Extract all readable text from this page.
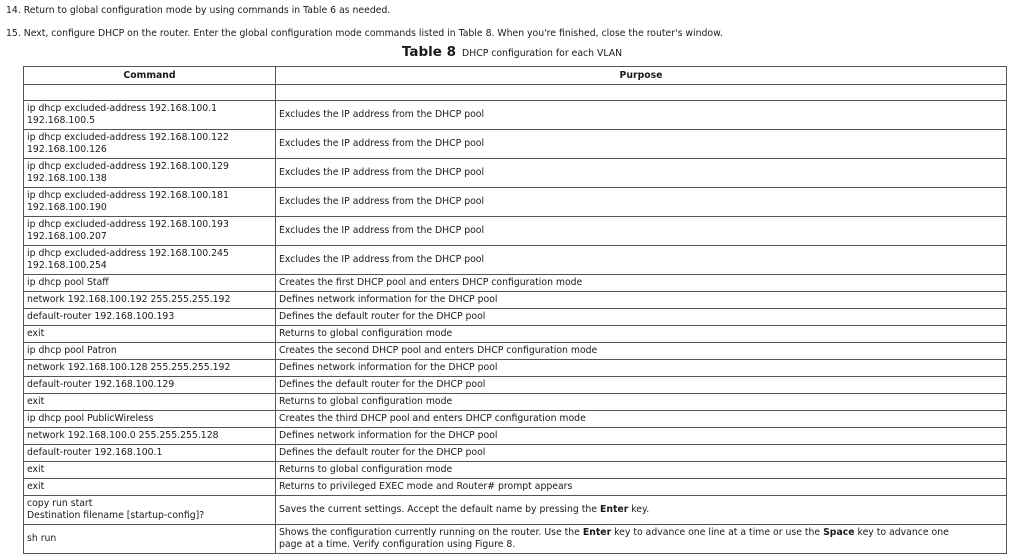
14. Return to global configuration mode by using commands in Table 6 as needed.
15. Next, configure DHCP on the router. Enter the global configuration mode commands listed in Table 8. When you're finished, close the router's window.
Table 8 DHCP configuration for each VLAN
Command	Purpose	

ip dhcp excluded-address 192.168.100.1
192.168.100.5	Excludes the IP address from the DHCP pool	
ip dhcp excluded-address 192.168.100.122
192.168.100.126	Excludes the IP address from the DHCP pool	
ip dhcp excluded-address 192.168.100.129
192.168.100.138	Excludes the IP address from the DHCP pool	
ip dhcp excluded-address 192.168.100.181
192.168.100.190	Excludes the IP address from the DHCP pool	
ip dhcp excluded-address 192.168.100.193
192.168.100.207	Excludes the IP address from the DHCP pool	
ip dhcp excluded-address 192.168.100.245
192.168.100.254	Excludes the IP address from the DHCP pool	
ip dhcp pool Staff	Creates the first DHCP pool and enters DHCP configuration mode	
network 192.168.100.192 255.255.255.192	Defines network information for the DHCP pool	
default-router 192.168.100.193	Defines the default router for the DHCP pool	
exit	Returns to global configuration mode	
ip dhcp pool Patron	Creates the second DHCP pool and enters DHCP configuration mode	
network 192.168.100.128 255.255.255.192	Defines network information for the DHCP pool	
default-router 192.168.100.129	Defines the default router for the DHCP pool	
exit	Returns to global configuration mode	
ip dhcp pool PublicWireless	Creates the third DHCP pool and enters DHCP configuration mode	
network 192.168.100.0 255.255.255.128	Defines network information for the DHCP pool	
default-router 192.168.100.1	Defines the default router for the DHCP pool	
exit	Returns to global configuration mode	
exit	Returns to privileged EXEC mode and Router# prompt appears	
copy run start
Destination filename [startup-config]?	Saves the current settings. Accept the default name by pressing the Enter key.	
sh run	Shows the configuration currently running on the router. Use the Enter key to advance one line at a time or use the Space key to advance one
page at a time. Verify configuration using Figure 8.	
